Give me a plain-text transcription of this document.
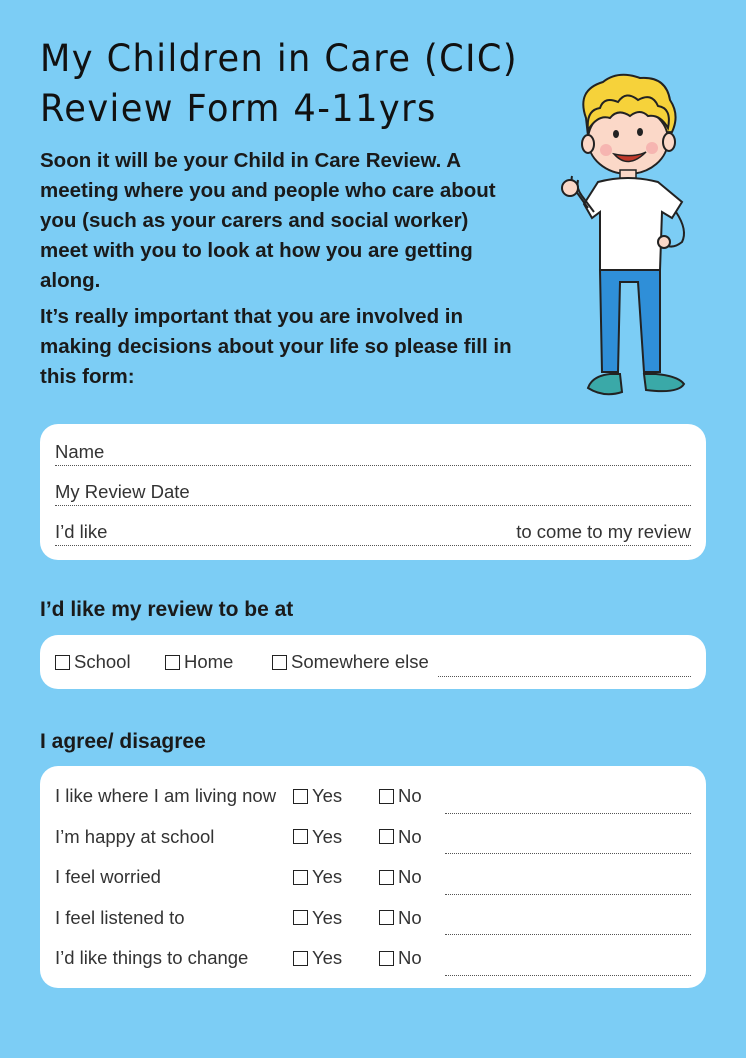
My Children in Care (CIC)
Review Form 4-11yrs

Soon it will be your Child in Care Review. A meeting where you and people who care about you (such as your carers and social worker) meet with you to look at how you are getting along.

It’s really important that you are involved in making decisions about your life so please fill in this form:

Name
My Review Date
I’d like	to come to my review
I’d like my review to be at
School	Home	Somewhere else
I agree/ disagree
I like where I am living now	Yes	No
I’m happy at school	Yes	No
I feel worried	Yes	No
I feel listened to	Yes	No
I’d like things to change	Yes	No
